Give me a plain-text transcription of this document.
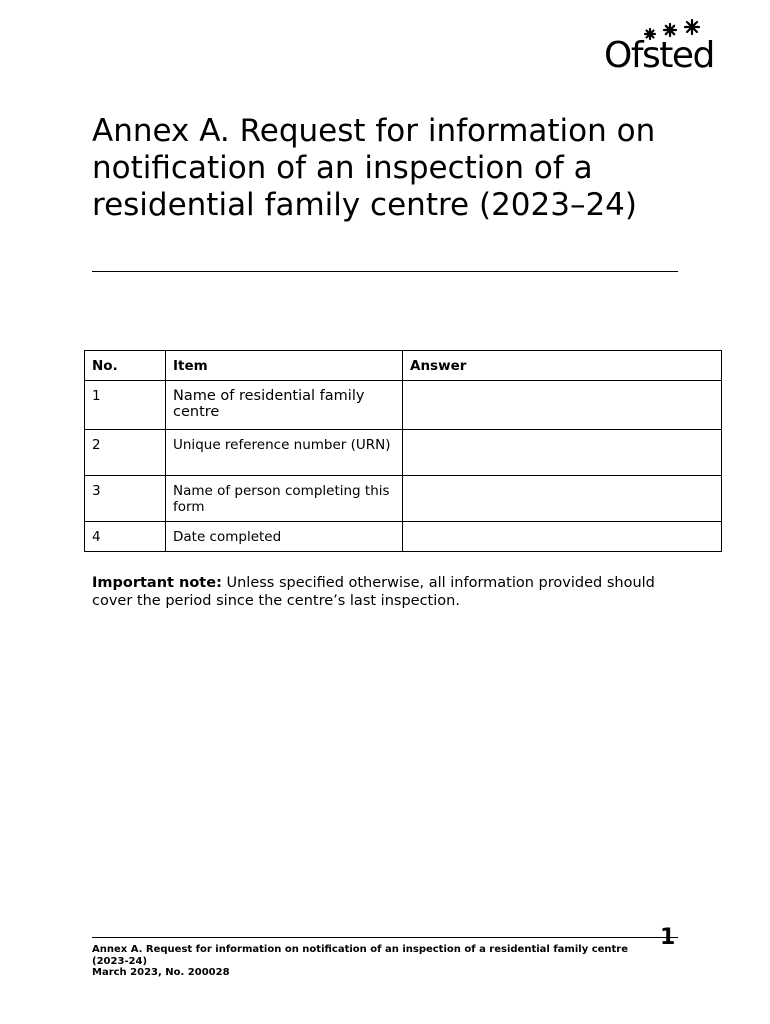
Ofsted
Annex A. Request for information on notification of an inspection of a residential family centre (2023–24)
No.	Item	Answer
1	Name of residential family centre	
2	Unique reference number (URN)	
3	Name of person completing this form	
4	Date completed	

Important note: Unless specified otherwise, all information provided should cover the period since the centre’s last inspection.

1
Annex A. Request for information on notification of an inspection of a residential family centre (2023-24)
March 2023, No. 200028
